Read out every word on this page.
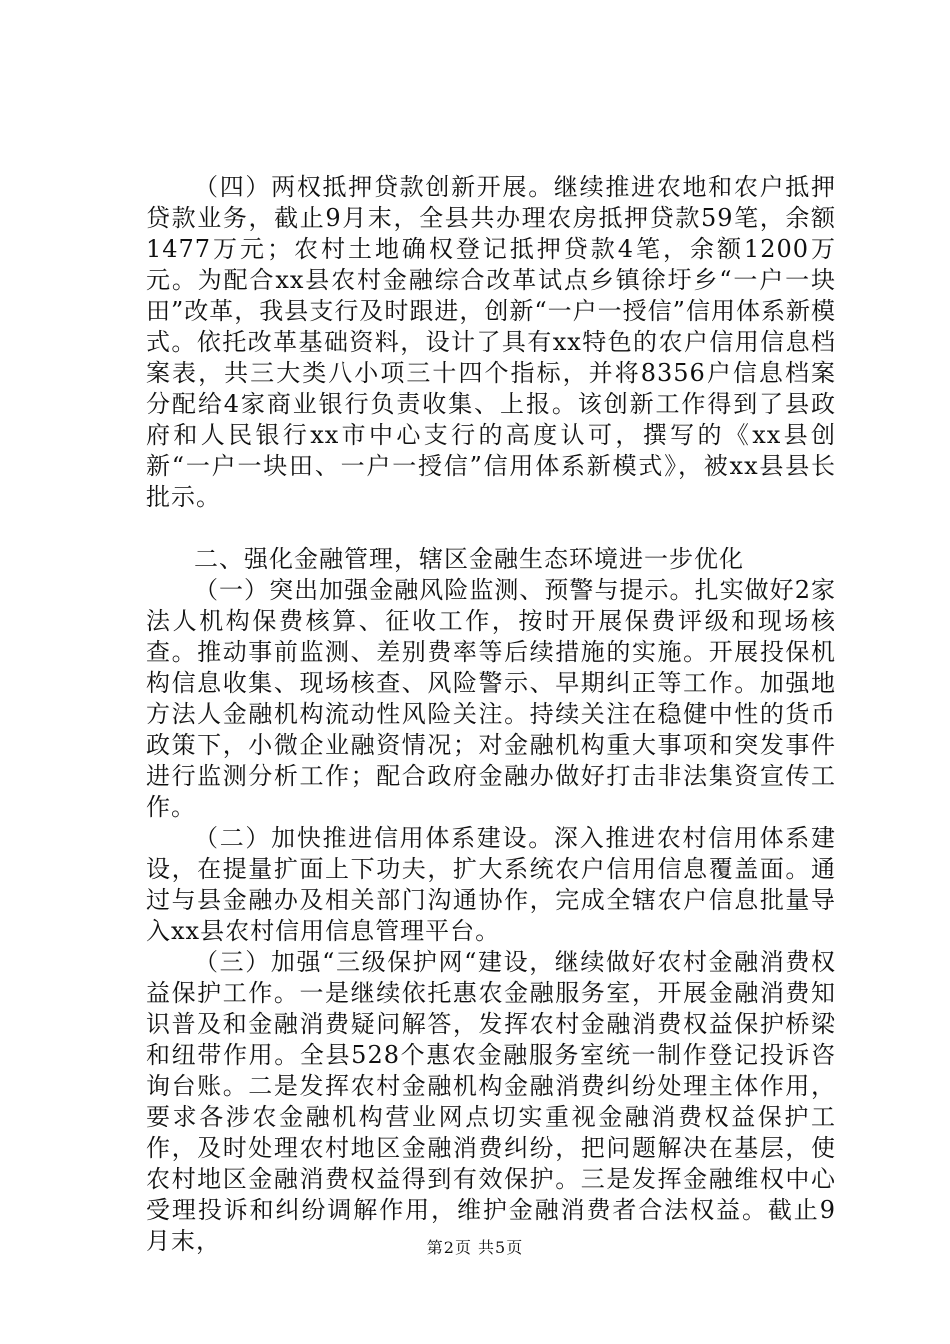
（四）两权抵押贷款创新开展。继续推进农地和农户抵押贷款业务，截止9月末，全县共办理农房抵押贷款59笔，余额1477万元；农村土地确权登记抵押贷款4笔，余额1200万元。为配合xx县农村金融综合改革试点乡镇徐圩乡“一户一块田”改革，我县支行及时跟进，创新“一户一授信”信用体系新模式。依托改革基础资料，设计了具有xx特色的农户信用信息档案表，共三大类八小项三十四个指标，并将8356户信息档案分配给4家商业银行负责收集、上报。该创新工作得到了县政府和人民银行xx市中心支行的高度认可，撰写的《xx县创新“一户一块田、一户一授信”信用体系新模式》，被xx县县长批示。

二、强化金融管理，辖区金融生态环境进一步优化

（一）突出加强金融风险监测、预警与提示。扎实做好2家法人机构保费核算、征收工作，按时开展保费评级和现场核查。推动事前监测、差别费率等后续措施的实施。开展投保机构信息收集、现场核查、风险警示、早期纠正等工作。加强地方法人金融机构流动性风险关注。持续关注在稳健中性的货币政策下，小微企业融资情况；对金融机构重大事项和突发事件进行监测分析工作；配合政府金融办做好打击非法集资宣传工作。

（二）加快推进信用体系建设。深入推进农村信用体系建设，在提量扩面上下功夫，扩大系统农户信用信息覆盖面。通过与县金融办及相关部门沟通协作，完成全辖农户信息批量导入xx县农村信用信息管理平台。

（三）加强“三级保护网“建设，继续做好农村金融消费权益保护工作。一是继续依托惠农金融服务室，开展金融消费知识普及和金融消费疑问解答，发挥农村金融消费权益保护桥梁和纽带作用。全县528个惠农金融服务室统一制作登记投诉咨询台账。二是发挥农村金融机构金融消费纠纷处理主体作用，要求各涉农金融机构营业网点切实重视金融消费权益保护工作，及时处理农村地区金融消费纠纷，把问题解决在基层，使农村地区金融消费权益得到有效保护。三是发挥金融维权中心受理投诉和纠纷调解作用，维护金融消费者合法权益。截止9月末，	第2页 共5页
